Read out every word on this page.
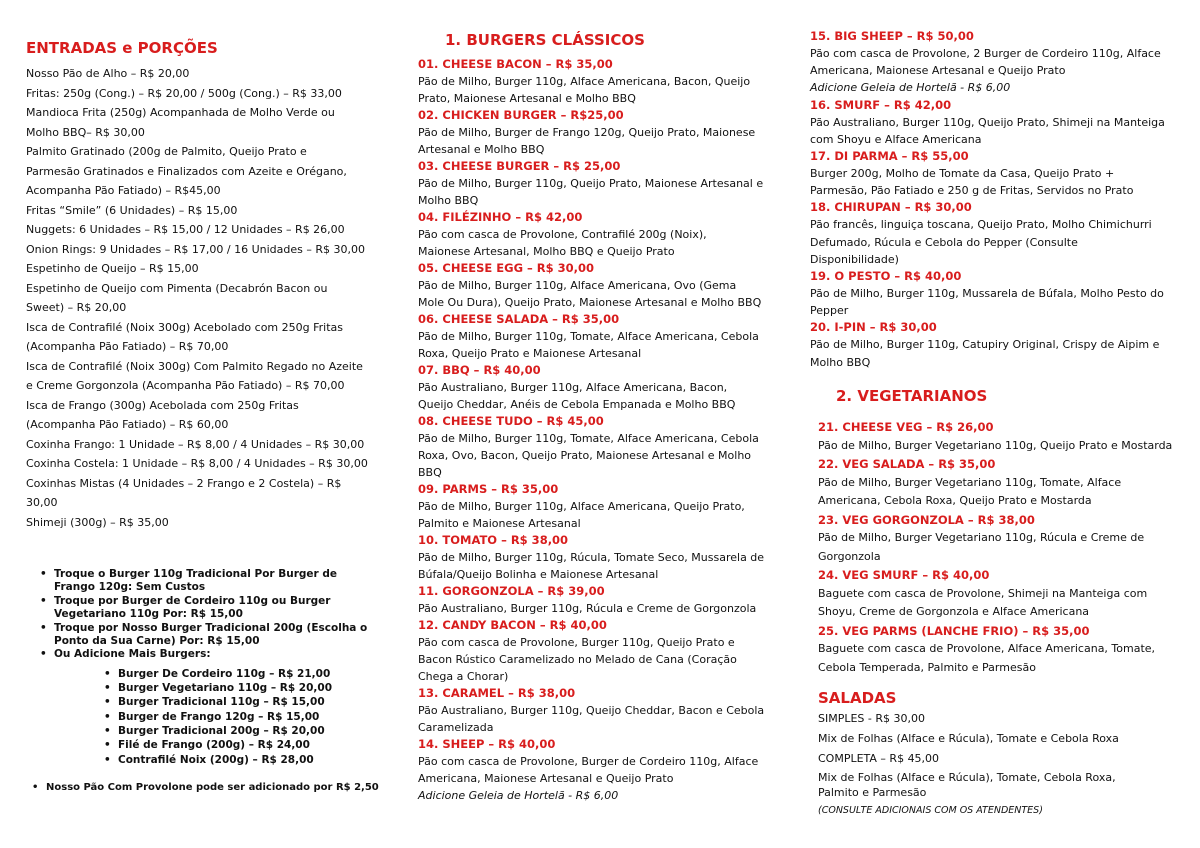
ENTRADAS e PORÇÕES
Nosso Pão de Alho – R$ 20,00
Fritas: 250g (Cong.) – R$ 20,00 / 500g (Cong.) – R$ 33,00
Mandioca Frita (250g) Acompanhada de Molho Verde ou
Molho BBQ– R$ 30,00
Palmito Gratinado (200g de Palmito, Queijo Prato e
Parmesão Gratinados e Finalizados com Azeite e Orégano,
Acompanha Pão Fatiado) – R$45,00
Fritas “Smile” (6 Unidades) – R$ 15,00
Nuggets: 6 Unidades – R$ 15,00 / 12 Unidades – R$ 26,00
Onion Rings: 9 Unidades – R$ 17,00 / 16 Unidades – R$ 30,00
Espetinho de Queijo – R$ 15,00
Espetinho de Queijo com Pimenta (Decabrón Bacon ou
Sweet) – R$ 20,00
Isca de Contrafilé (Noix 300g) Acebolado com 250g Fritas
(Acompanha Pão Fatiado) – R$ 70,00
Isca de Contrafilé (Noix 300g) Com Palmito Regado no Azeite
e Creme Gorgonzola (Acompanha Pão Fatiado) – R$ 70,00
Isca de Frango (300g) Acebolada com 250g Fritas
(Acompanha Pão Fatiado) – R$ 60,00
Coxinha Frango: 1 Unidade – R$ 8,00 / 4 Unidades – R$ 30,00
Coxinha Costela: 1 Unidade – R$ 8,00 / 4 Unidades – R$ 30,00
Coxinhas Mistas (4 Unidades – 2 Frango e 2 Costela) – R$
30,00
Shimeji (300g) – R$ 35,00
• Troque o Burger 110g Tradicional Por Burger de Frango 120g: Sem Custos
• Troque por Burger de Cordeiro 110g ou Burger Vegetariano 110g Por: R$ 15,00
• Troque por Nosso Burger Tradicional 200g (Escolha o Ponto da Sua Carne) Por: R$ 15,00
• Ou Adicione Mais Burgers:
• Burger De Cordeiro 110g – R$ 21,00
• Burger Vegetariano 110g – R$ 20,00
• Burger Tradicional 110g – R$ 15,00
• Burger de Frango 120g – R$ 15,00
• Burger Tradicional 200g – R$ 20,00
• Filé de Frango (200g) – R$ 24,00
• Contrafilé Noix (200g) – R$ 28,00
• Nosso Pão Com Provolone pode ser adicionado por R$ 2,50
1. BURGERS CLÁSSICOS
01. CHEESE BACON – R$ 35,00
Pão de Milho, Burger 110g, Alface Americana, Bacon, Queijo
Prato, Maionese Artesanal e Molho BBQ
02. CHICKEN BURGER – R$25,00
Pão de Milho, Burger de Frango 120g, Queijo Prato, Maionese
Artesanal e Molho BBQ
03. CHEESE BURGER – R$ 25,00
Pão de Milho, Burger 110g, Queijo Prato, Maionese Artesanal e
Molho BBQ
04. FILÉZINHO – R$ 42,00
Pão com casca de Provolone, Contrafilé 200g (Noix),
Maionese Artesanal, Molho BBQ e Queijo Prato
05. CHEESE EGG – R$ 30,00
Pão de Milho, Burger 110g, Alface Americana, Ovo (Gema
Mole Ou Dura), Queijo Prato, Maionese Artesanal e Molho BBQ
06. CHEESE SALADA – R$ 35,00
Pão de Milho, Burger 110g, Tomate, Alface Americana, Cebola
Roxa, Queijo Prato e Maionese Artesanal
07. BBQ – R$ 40,00
Pão Australiano, Burger 110g, Alface Americana, Bacon,
Queijo Cheddar, Anéis de Cebola Empanada e Molho BBQ
08. CHEESE TUDO – R$ 45,00
Pão de Milho, Burger 110g, Tomate, Alface Americana, Cebola
Roxa, Ovo, Bacon, Queijo Prato, Maionese Artesanal e Molho
BBQ
09. PARMS – R$ 35,00
Pão de Milho, Burger 110g, Alface Americana, Queijo Prato,
Palmito e Maionese Artesanal
10. TOMATO – R$ 38,00
Pão de Milho, Burger 110g, Rúcula, Tomate Seco, Mussarela de
Búfala/Queijo Bolinha e Maionese Artesanal
11. GORGONZOLA – R$ 39,00
Pão Australiano, Burger 110g, Rúcula e Creme de Gorgonzola
12. CANDY BACON – R$ 40,00
Pão com casca de Provolone, Burger 110g, Queijo Prato e
Bacon Rústico Caramelizado no Melado de Cana (Coração
Chega a Chorar)
13. CARAMEL – R$ 38,00
Pão Australiano, Burger 110g, Queijo Cheddar, Bacon e Cebola
Caramelizada
14. SHEEP – R$ 40,00
Pão com casca de Provolone, Burger de Cordeiro 110g, Alface
Americana, Maionese Artesanal e Queijo Prato
Adicione Geleia de Hortelã - R$ 6,00
15. BIG SHEEP – R$ 50,00
Pão com casca de Provolone, 2 Burger de Cordeiro 110g, Alface
Americana, Maionese Artesanal e Queijo Prato
Adicione Geleia de Hortelã - R$ 6,00
16. SMURF – R$ 42,00
Pão Australiano, Burger 110g, Queijo Prato, Shimeji na Manteiga
com Shoyu e Alface Americana
17. DI PARMA – R$ 55,00
Burger 200g, Molho de Tomate da Casa, Queijo Prato +
Parmesão, Pão Fatiado e 250 g de Fritas, Servidos no Prato
18. CHIRUPAN – R$ 30,00
Pão francês, linguiça toscana, Queijo Prato, Molho Chimichurri
Defumado, Rúcula e Cebola do Pepper (Consulte
Disponibilidade)
19. O PESTO – R$ 40,00
Pão de Milho, Burger 110g, Mussarela de Búfala, Molho Pesto do
Pepper
20. I-PIN – R$ 30,00
Pão de Milho, Burger 110g, Catupiry Original, Crispy de Aipim e
Molho BBQ
2. VEGETARIANOS
21. CHEESE VEG – R$ 26,00
Pão de Milho, Burger Vegetariano 110g, Queijo Prato e Mostarda
22. VEG SALADA – R$ 35,00
Pão de Milho, Burger Vegetariano 110g, Tomate, Alface
Americana, Cebola Roxa, Queijo Prato e Mostarda
23. VEG GORGONZOLA – R$ 38,00
Pão de Milho, Burger Vegetariano 110g, Rúcula e Creme de
Gorgonzola
24. VEG SMURF – R$ 40,00
Baguete com casca de Provolone, Shimeji na Manteiga com
Shoyu, Creme de Gorgonzola e Alface Americana
25. VEG PARMS (LANCHE FRIO) – R$ 35,00
Baguete com casca de Provolone, Alface Americana, Tomate,
Cebola Temperada, Palmito e Parmesão
SALADAS
SIMPLES - R$ 30,00
Mix de Folhas (Alface e Rúcula), Tomate e Cebola Roxa
COMPLETA – R$ 45,00
Mix de Folhas (Alface e Rúcula), Tomate, Cebola Roxa,
Palmito e Parmesão
(CONSULTE ADICIONAIS COM OS ATENDENTES)
